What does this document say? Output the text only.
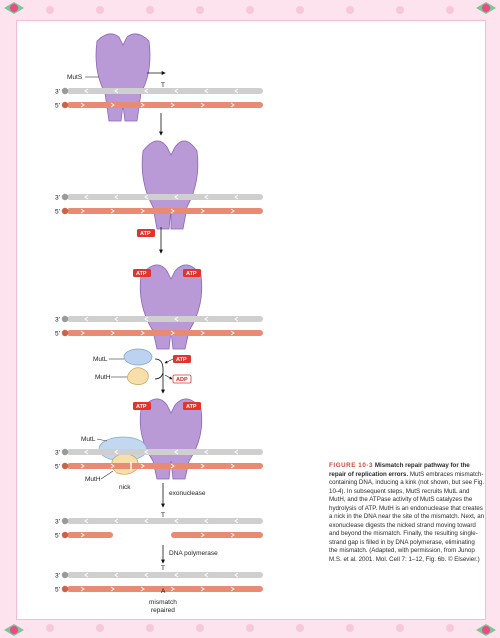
MutS
3'
5'
T
3'
5'
ATP
ATP	ATP
3'
5'
MutL
MutH
ATP
ADP
ATP	ATP
3'
5'
MutL
MutH
nick
exonuclease
3'
5'
T
DNA polymerase
3'
5'
T
A
mismatch
repaired
FIGURE 10-3 Mismatch repair pathway for the repair of replication errors. MutS embraces mismatch-containing DNA, inducing a kink (not shown, but see Fig. 10-4). In subsequent steps, MutS recruits MutL and MutH, and the ATPase activity of MutS catalyzes the hydrolysis of ATP. MutH is an endonuclease that creates a nick in the DNA near the site of the mismatch. Next, an exonuclease digests the nicked strand moving toward and beyond the mismatch. Finally, the resulting single-strand gap is filled in by DNA polymerase, eliminating the mismatch. (Adapted, with permission, from Junop M.S. et al. 2001. Mol. Cell 7: 1–12, Fig. 6b. © Elsevier.)
